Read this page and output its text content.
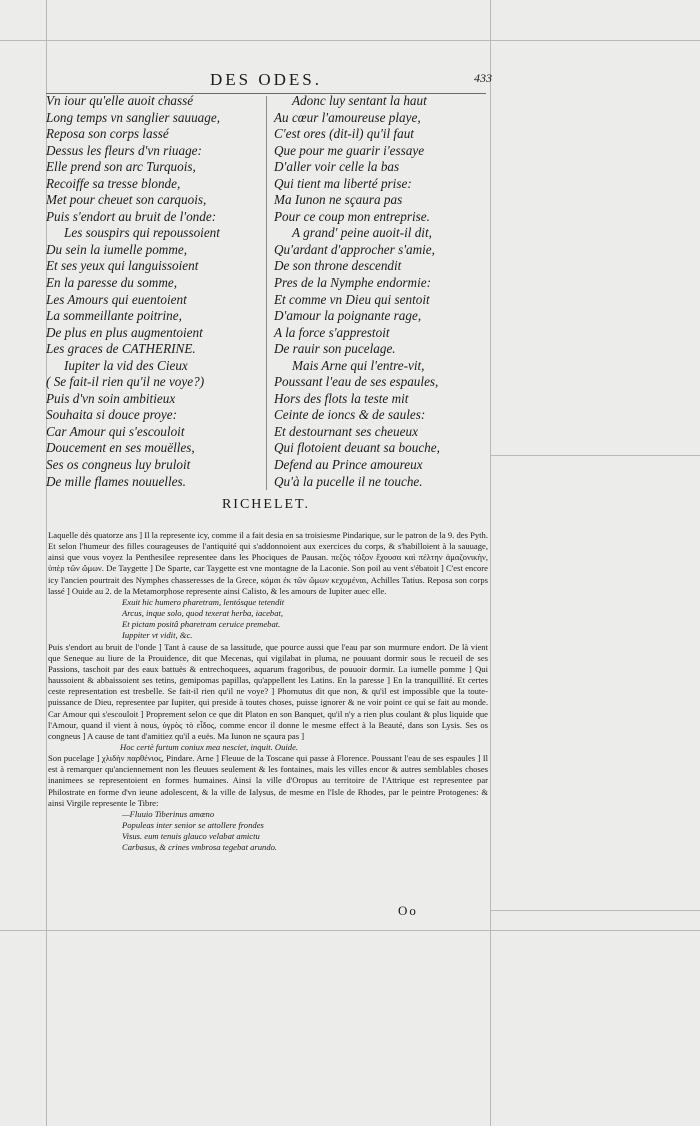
DES ODES.	433
Vn iour qu'elle auoit chassé
Long temps vn sanglier sauuage,
Reposa son corps lassé
Dessus les fleurs d'vn riuage:
Elle prend son arc Turquois,
Recoiffe sa tresse blonde,
Met pour cheuet son carquois,
Puis s'endort au bruit de l'onde:
Les souspirs qui repoussoient
Du sein la iumelle pomme,
Et ses yeux qui languissoient
En la paresse du somme,
Les Amours qui euentoient
La sommeillante poitrine,
De plus en plus augmentoient
Les graces de CATHERINE.
Iupiter la vid des Cieux
( Se fait-il rien qu'il ne voye?)
Puis d'vn soin ambitieux
Souhaita si douce proye:
Car Amour qui s'escouloit
Doucement en ses mouëlles,
Ses os congneus luy bruloit
De mille flames nouuelles.
Adonc luy sentant la haut
Au cœur l'amoureuse playe,
C'est ores (dit-il) qu'il faut
Que pour me guarir i'essaye
D'aller voir celle la bas
Qui tient ma liberté prise:
Ma Iunon ne sçaura pas
Pour ce coup mon entreprise.
A grand' peine auoit-il dit,
Qu'ardant d'approcher s'amie,
De son throne descendit
Pres de la Nymphe endormie:
Et comme vn Dieu qui sentoit
D'amour la poignante rage,
A la force s'apprestoit
De rauir son pucelage.
Mais Arne qui l'entre-vit,
Poussant l'eau de ses espaules,
Hors des flots la teste mit
Ceinte de ioncs & de saules:
Et destournant ses cheueux
Qui flotoient deuant sa bouche,
Defend au Prince amoureux
Qu'à la pucelle il ne touche.
RICHELET.
Laquelle dés quatorze ans ] Il la represente icy, comme il a fait desia en sa troisiesme Pindarique, sur le patron de la 9. des Pyth. Et selon l'humeur des filles courageuses de l'antiquité qui s'addonnoient aux exercices du corps, & s'habilloient à la sauuage, ainsi que vous voyez la Penthesilee representee dans les Phociques de Pausan. πεζὸς τόξον ἔχουσα καὶ πέλτην ἀμαζονικὴν, ὑπὲρ τῶν ὤμων. De Taygette ] De Sparte, car Taygette est vne montagne de la Laconie. Son poil au vent s'ébatoit ] C'est encore icy l'ancien pourtrait des Nymphes chasseresses de la Grece, κόμαι ἐκ τῶν ὤμων κεχυμέναι, Achilles Tatius. Reposa son corps lassé ] Ouide au 2. de la Metamorphose represente ainsi Calisto, & les amours de Iupiter auec elle.
Exuit hic humero pharetram, lentósque tetendit
Arcus, inque solo, quod texerat herba, iacebat,
Et pictam positâ pharetram ceruice premebat.
Iuppiter vt vidit, &c.
Puis s'endort au bruit de l'onde ] Tant à cause de sa lassitude, que pource aussi que l'eau par son murmure endort. De là vient que Seneque au liure de la Prouidence, dit que Mecenas, qui vigilabat in pluma, ne pouuant dormir sous le recueil de ses Passions, taschoit par des eaux battuës & entrechoquees, aquarum fragoribus, de pouuoir dormir. La iumelle pomme ] Qui haussoient & abbaissoient ses tetins, gemipomas papillas, qu'appellent les Latins. En la paresse ] En la tranquillité. Et certes ceste representation est tresbelle. Se fait-il rien qu'il ne voye? ] Phornutus dit que non, & qu'il est impossible que la toute-puissance de Dieu, representee par Iupiter, qui preside à toutes choses, puisse ignorer & ne voir point ce qui se fait au monde. Car Amour qui s'escouloit ] Proprement selon ce que dit Platon en son Banquet, qu'il n'y a rien plus coulant & plus liquide que l'Amour, quand il vient à nous, ὑγρὸς τὸ εἶδος, comme encor il donne le mesme effect à la Beauté, dans son Lysis. Ses os congneus ] A cause de tant d'amitiez qu'il a euës. Ma Iunon ne sçaura pas ]
Hoc certè furtum coniux mea nesciet, inquit. Ouide.
Son pucelage ] χλιδὴν παρθένιος, Pindare. Arne ] Fleuue de la Toscane qui passe à Florence. Poussant l'eau de ses espaules ] Il est à remarquer qu'anciennement non les fleuues seulement & les fontaines, mais les villes encor & autres semblables choses inanimees se representoient en formes humaines. Ainsi la ville d'Oropus au territoire de l'Attrique est representee par Philostrate en forme d'vn ieune adolescent, & la ville de Ialysus, de mesme en l'Isle de Rhodes, par le peintre Protogenes: & ainsi Virgile represente le Tibre:
—Fluuio Tiberinus amœno
Populeas inter senior se attollere frondes
Visus. eum tenuis glauco velabat amictu
Carbasus, & crines vmbrosa tegebat arundo.
Oo
